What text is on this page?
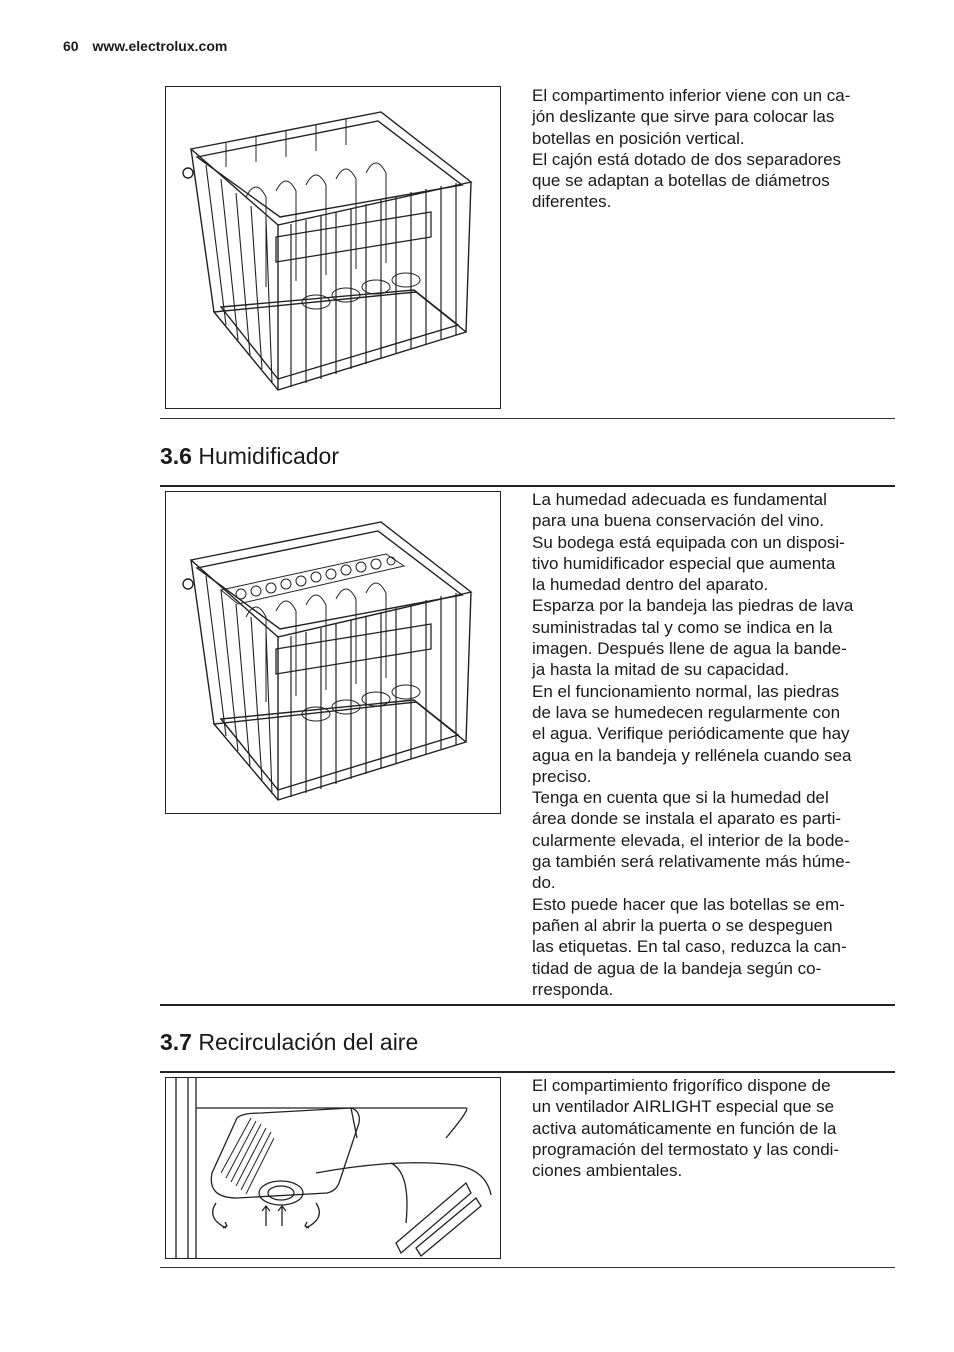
60 www.electrolux.com
El compartimento inferior viene con un ca-
jón deslizante que sirve para colocar las
botellas en posición vertical.
El cajón está dotado de dos separadores
que se adaptan a botellas de diámetros
diferentes.
3.6 Humidificador
La humedad adecuada es fundamental
para una buena conservación del vino.
Su bodega está equipada con un disposi-
tivo humidificador especial que aumenta
la humedad dentro del aparato.
Esparza por la bandeja las piedras de lava
suministradas tal y como se indica en la
imagen. Después llene de agua la bande-
ja hasta la mitad de su capacidad.
En el funcionamiento normal, las piedras
de lava se humedecen regularmente con
el agua. Verifique periódicamente que hay
agua en la bandeja y rellénela cuando sea
preciso.
Tenga en cuenta que si la humedad del
área donde se instala el aparato es parti-
cularmente elevada, el interior de la bode-
ga también será relativamente más húme-
do.
Esto puede hacer que las botellas se em-
pañen al abrir la puerta o se despeguen
las etiquetas. En tal caso, reduzca la can-
tidad de agua de la bandeja según co-
rresponda.
3.7 Recirculación del aire
El compartimiento frigorífico dispone de
un ventilador AIRLIGHT especial que se
activa automáticamente en función de la
programación del termostato y las condi-
ciones ambientales.
